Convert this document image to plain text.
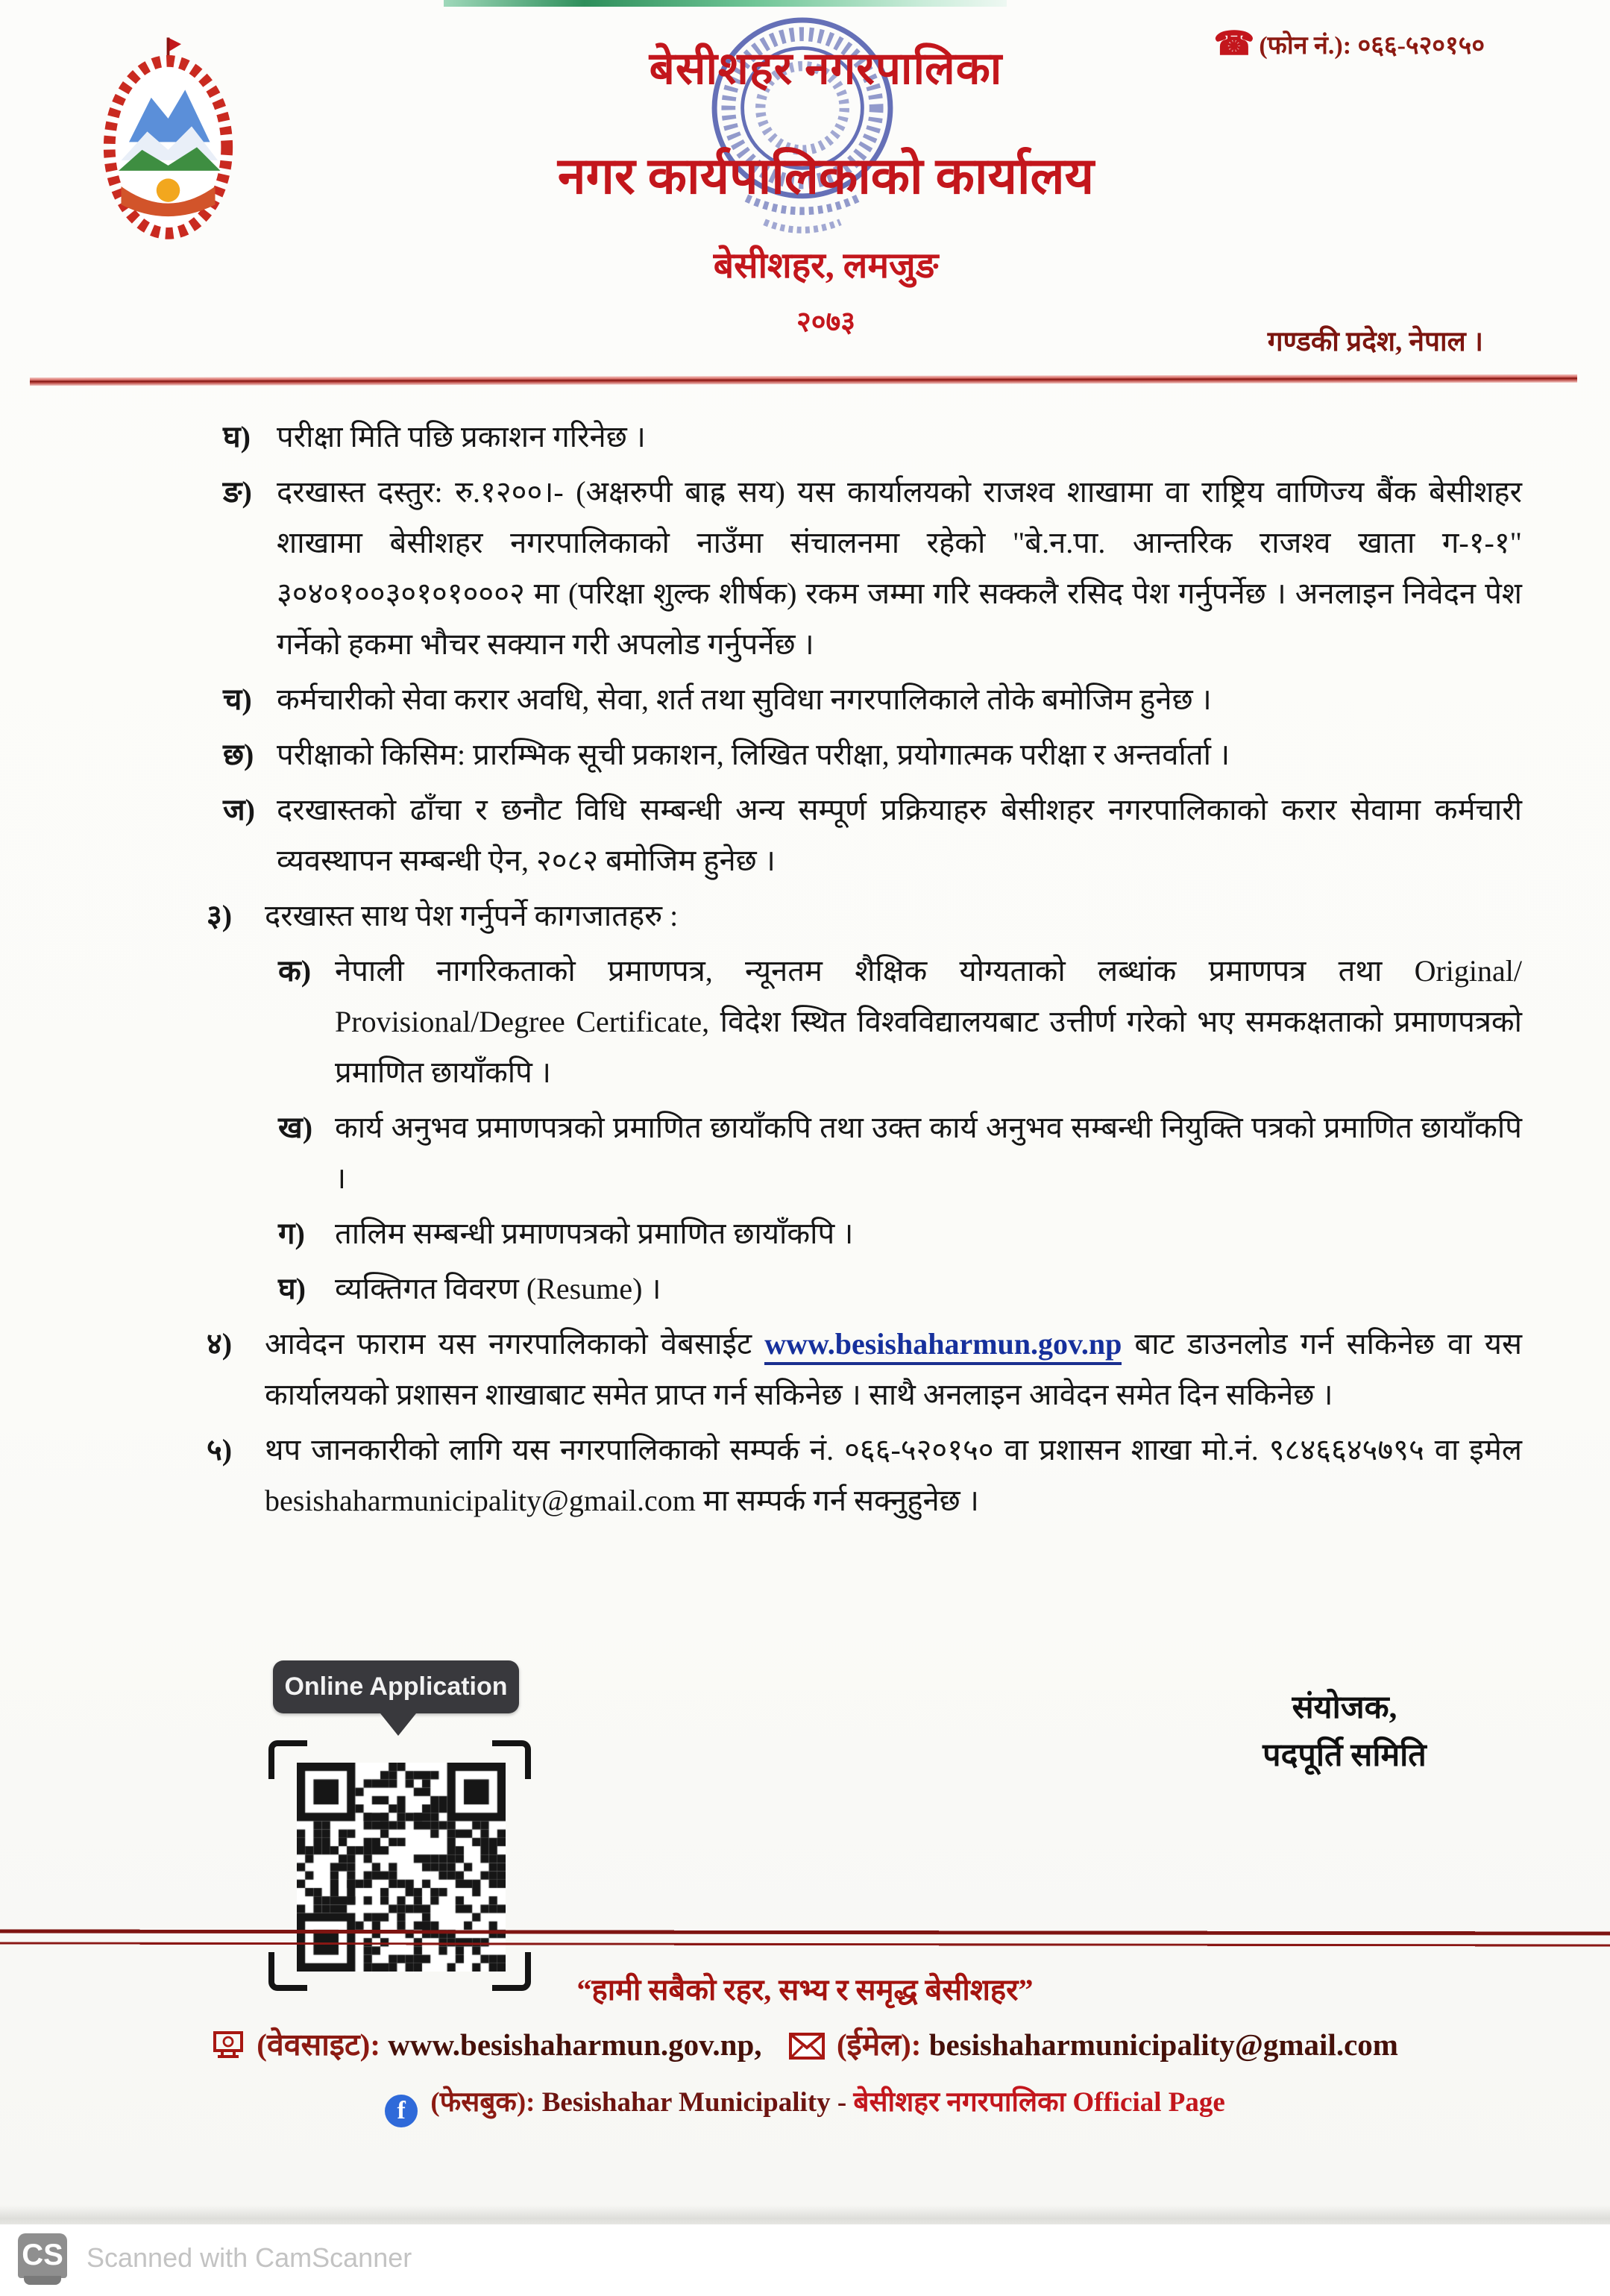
☎ (फोन नं.): ०६६-५२०१५०
बेसीशहर नगरपालिका
नगर कार्यपालिकाको कार्यालय
बेसीशहर, लमजुङ
२०७३
गण्डकी प्रदेश, नेपाल ।
घ) परीक्षा मिति पछि प्रकाशन गरिनेछ ।
ङ) दरखास्त दस्तुर: रु.१२००।- (अक्षरुपी बाह्र सय) यस कार्यालयको राजश्व शाखामा वा राष्ट्रिय वाणिज्य बैंक बेसीशहर शाखामा बेसीशहर नगरपालिकाको नाउँमा संचालनमा रहेको "बे.न.पा. आन्तरिक राजश्व खाता ग-१-१" ३०४०१००३०१०१०००२ मा (परिक्षा शुल्क शीर्षक) रकम जम्मा गरि सक्कलै रसिद पेश गर्नुपर्नेछ । अनलाइन निवेदन पेश गर्नेको हकमा भौचर सक्यान गरी अपलोड गर्नुपर्नेछ ।
च) कर्मचारीको सेवा करार अवधि, सेवा, शर्त तथा सुविधा नगरपालिकाले तोके बमोजिम हुनेछ ।
छ) परीक्षाको किसिम: प्रारम्भिक सूची प्रकाशन, लिखित परीक्षा, प्रयोगात्मक परीक्षा र अन्तर्वार्ता ।
ज) दरखास्तको ढाँचा र छनौट विधि सम्बन्धी अन्य सम्पूर्ण प्रक्रियाहरु बेसीशहर नगरपालिकाको करार सेवामा कर्मचारी व्यवस्थापन सम्बन्धी ऐन, २०८२ बमोजिम हुनेछ ।
३)	दरखास्त साथ पेश गर्नुपर्ने कागजातहरु :
क) नेपाली नागरिकताको प्रमाणपत्र, न्यूनतम शैक्षिक योग्यताको लब्धांक प्रमाणपत्र तथा Original/ Provisional/Degree Certificate, विदेश स्थित विश्वविद्यालयबाट उत्तीर्ण गरेको भए समकक्षताको प्रमाणपत्रको प्रमाणित छायाँकपि ।
ख) कार्य अनुभव प्रमाणपत्रको प्रमाणित छायाँकपि तथा उक्त कार्य अनुभव सम्बन्धी नियुक्ति पत्रको प्रमाणित छायाँकपि ।
ग)	तालिम सम्बन्धी प्रमाणपत्रको प्रमाणित छायाँकपि ।
घ) व्यक्तिगत विवरण (Resume) ।
४)	आवेदन फाराम यस नगरपालिकाको वेबसाईट www.besishaharmun.gov.np बाट डाउनलोड गर्न सकिनेछ वा यस कार्यालयको प्रशासन शाखाबाट समेत प्राप्त गर्न सकिनेछ । साथै अनलाइन आवेदन समेत दिन सकिनेछ ।
५)	थप जानकारीको लागि यस नगरपालिकाको सम्पर्क नं. ०६६-५२०१५० वा प्रशासन शाखा मो.नं. ९८४६६४५७९५ वा इमेल besishaharmunicipality@gmail.com मा सम्पर्क गर्न सक्नुहुनेछ ।
Online Application
संयोजक,
पदपूर्ति समिति
“हामी सबैको रहर, सभ्य र समृद्ध बेसीशहर”
(वेवसाइट): www.besishaharmun.gov.np, (ईमेल): besishaharmunicipality@gmail.com
f (फेसबुक): Besishahar Municipality - बेसीशहर नगरपालिका Official Page
CS Scanned with CamScanner
